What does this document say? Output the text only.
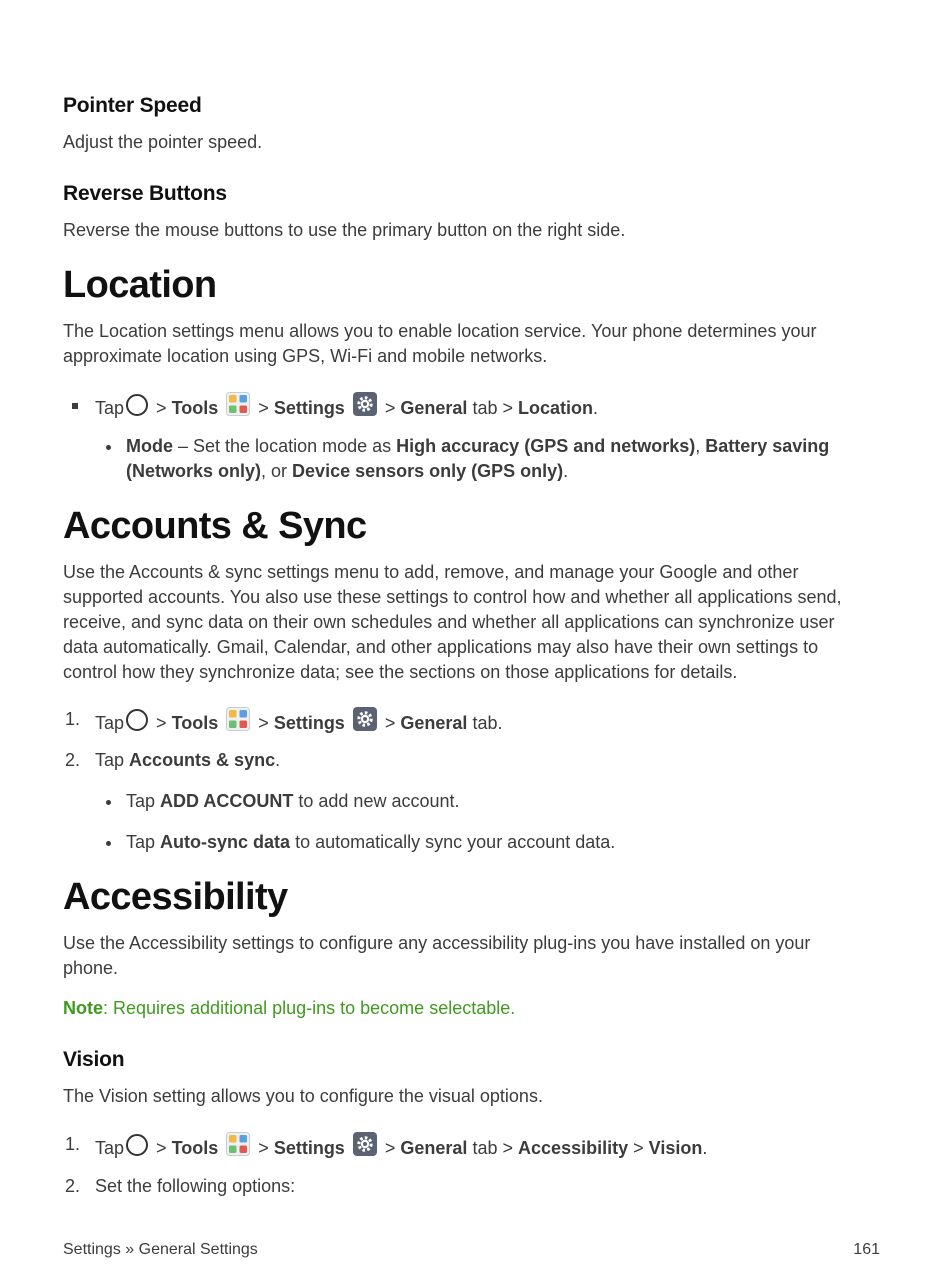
Pointer Speed
Adjust the pointer speed.
Reverse Buttons
Reverse the mouse buttons to use the primary button on the right side.
Location
The Location settings menu allows you to enable location service. Your phone determines your approximate location using GPS, Wi-Fi and mobile networks.
Tap > Tools > Settings > General tab > Location.
Mode – Set the location mode as High accuracy (GPS and networks), Battery saving (Networks only), or Device sensors only (GPS only).
Accounts & Sync
Use the Accounts & sync settings menu to add, remove, and manage your Google and other supported accounts. You also use these settings to control how and whether all applications send, receive, and sync data on their own schedules and whether all applications can synchronize user data automatically. Gmail, Calendar, and other applications may also have their own settings to control how they synchronize data; see the sections on those applications for details.
1. Tap > Tools > Settings > General tab.
2. Tap Accounts & sync.
Tap ADD ACCOUNT to add new account.
Tap Auto-sync data to automatically sync your account data.
Accessibility
Use the Accessibility settings to configure any accessibility plug-ins you have installed on your phone.
Note: Requires additional plug-ins to become selectable.
Vision
The Vision setting allows you to configure the visual options.
1. Tap > Tools > Settings > General tab > Accessibility > Vision.
2. Set the following options:
Settings » General Settings	161
